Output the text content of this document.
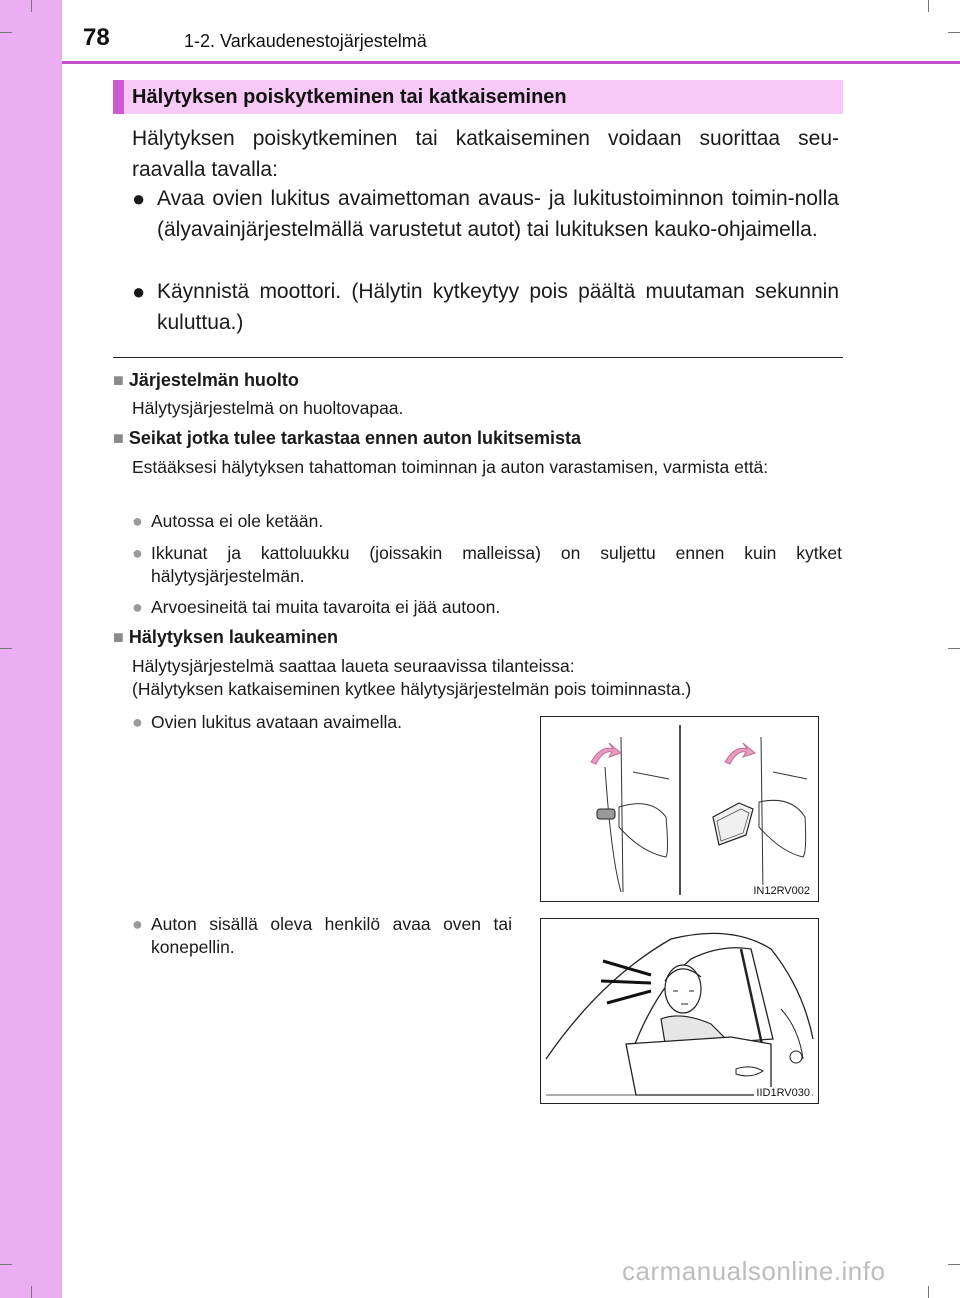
78	1-2. Varkaudenestojärjestelmä
Hälytyksen poiskytkeminen tai katkaiseminen
Hälytyksen poiskytkeminen tai katkaiseminen voidaan suorittaa seu-raavalla tavalla:
● Avaa ovien lukitus avaimettoman avaus- ja lukitustoiminnon toimin-nolla (älyavainjärjestelmällä varustetut autot) tai lukituksen kauko-ohjaimella.
● Käynnistä moottori. (Hälytin kytkeytyy pois päältä muutaman sekunnin kuluttua.)
■ Järjestelmän huolto
Hälytysjärjestelmä on huoltovapaa.
■ Seikat jotka tulee tarkastaa ennen auton lukitsemista
Estääksesi hälytyksen tahattoman toiminnan ja auton varastamisen, varmista että:
● Autossa ei ole ketään.
● Ikkunat ja kattoluukku (joissakin malleissa) on suljettu ennen kuin kytket hälytysjärjestelmän.
● Arvoesineitä tai muita tavaroita ei jää autoon.
■ Hälytyksen laukeaminen
Hälytysjärjestelmä saattaa laueta seuraavissa tilanteissa:
(Hälytyksen katkaiseminen kytkee hälytysjärjestelmän pois toiminnasta.)
● Ovien lukitus avataan avaimella.
● Auton sisällä oleva henkilö avaa oven tai konepellin.
IN12RV002
IID1RV030
carmanualsonline.info
